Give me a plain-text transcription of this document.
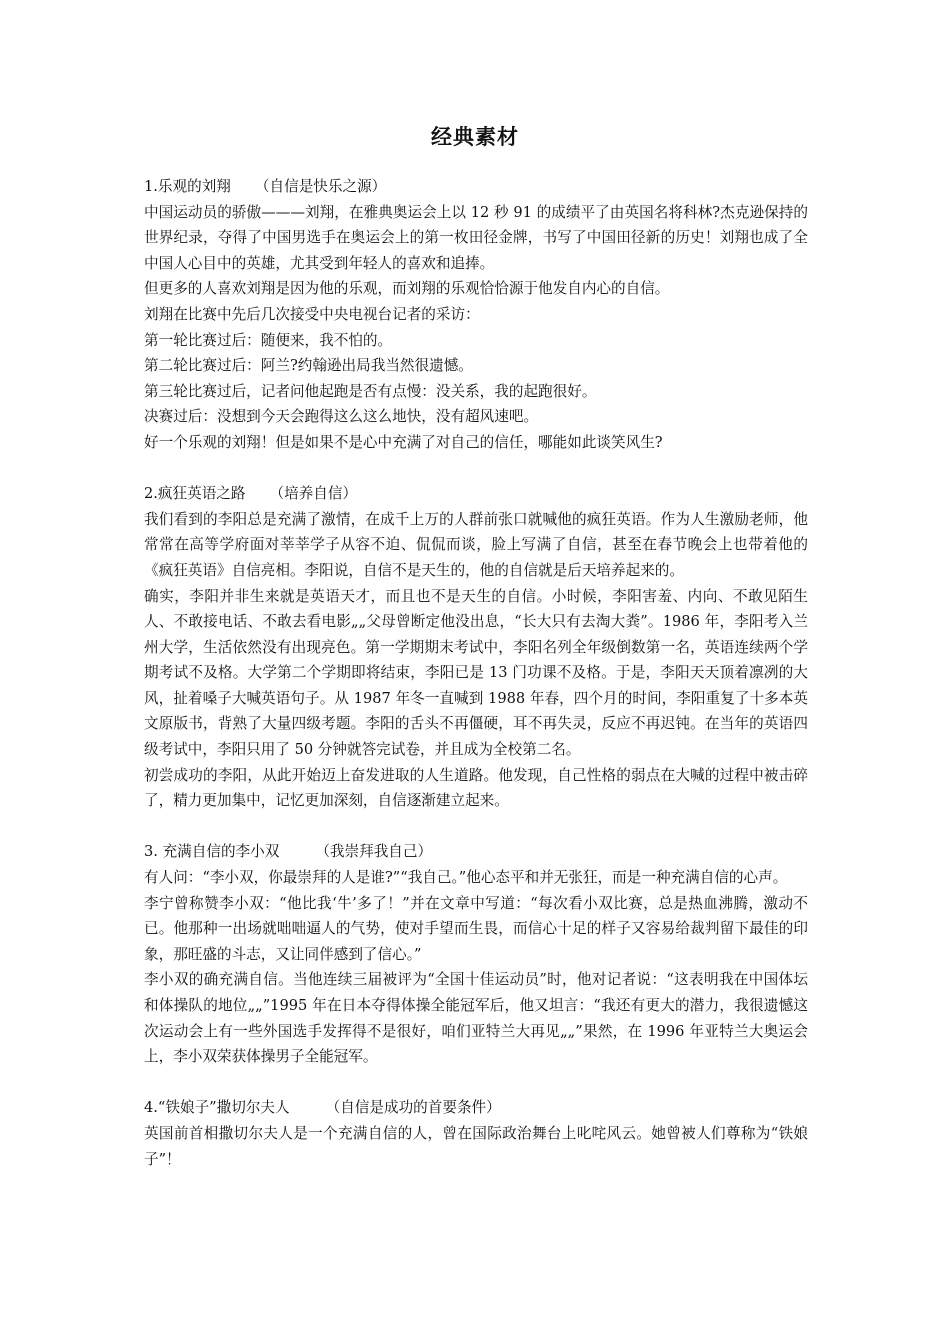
经典素材

1.乐观的刘翔 （自信是快乐之源）

中国运动员的骄傲———刘翔，在雅典奥运会上以 12 秒 91 的成绩平了由英国名将科林?杰克逊保持的世界纪录，夺得了中国男选手在奥运会上的第一枚田径金牌，书写了中国田径新的历史！刘翔也成了全中国人心目中的英雄，尤其受到年轻人的喜欢和追捧。

但更多的人喜欢刘翔是因为他的乐观，而刘翔的乐观恰恰源于他发自内心的自信。

刘翔在比赛中先后几次接受中央电视台记者的采访：

第一轮比赛过后：随便来，我不怕的。

第二轮比赛过后：阿兰?约翰逊出局我当然很遗憾。

第三轮比赛过后，记者问他起跑是否有点慢：没关系，我的起跑很好。

决赛过后：没想到今天会跑得这么这么地快，没有超风速吧。

好一个乐观的刘翔！但是如果不是心中充满了对自己的信任，哪能如此谈笑风生?

2.疯狂英语之路 （培养自信）

我们看到的李阳总是充满了激情，在成千上万的人群前张口就喊他的疯狂英语。作为人生激励老师，他常常在高等学府面对莘莘学子从容不迫、侃侃而谈，脸上写满了自信，甚至在春节晚会上也带着他的《疯狂英语》自信亮相。李阳说，自信不是天生的，他的自信就是后天培养起来的。

确实，李阳并非生来就是英语天才，而且也不是天生的自信。小时候，李阳害羞、内向、不敢见陌生人、不敢接电话、不敢去看电影„„父母曾断定他没出息，“长大只有去淘大粪”。1986 年，李阳考入兰州大学，生活依然没有出现亮色。第一学期期末考试中，李阳名列全年级倒数第一名，英语连续两个学期考试不及格。大学第二个学期即将结束，李阳已是 13 门功课不及格。于是，李阳天天顶着凛冽的大风，扯着嗓子大喊英语句子。从 1987 年冬一直喊到 1988 年春，四个月的时间，李阳重复了十多本英文原版书，背熟了大量四级考题。李阳的舌头不再僵硬，耳不再失灵，反应不再迟钝。在当年的英语四级考试中，李阳只用了 50 分钟就答完试卷，并且成为全校第二名。

初尝成功的李阳，从此开始迈上奋发进取的人生道路。他发现，自己性格的弱点在大喊的过程中被击碎了，精力更加集中，记忆更加深刻，自信逐渐建立起来。

3. 充满自信的李小双 （我崇拜我自己）

有人问：“李小双，你最崇拜的人是谁?”“我自己。”他心态平和并无张狂，而是一种充满自信的心声。

李宁曾称赞李小双：“他比我‘牛’多了！”并在文章中写道：“每次看小双比赛，总是热血沸腾，激动不已。他那种一出场就咄咄逼人的气势，使对手望而生畏，而信心十足的样子又容易给裁判留下最佳的印象，那旺盛的斗志，又让同伴感到了信心。”

李小双的确充满自信。当他连续三届被评为“全国十佳运动员”时，他对记者说：“这表明我在中国体坛和体操队的地位„„”1995 年在日本夺得体操全能冠军后，他又坦言：“我还有更大的潜力，我很遗憾这次运动会上有一些外国选手发挥得不是很好，咱们亚特兰大再见„„”果然，在 1996 年亚特兰大奥运会上，李小双荣获体操男子全能冠军。

4.“铁娘子”撒切尔夫人 （自信是成功的首要条件）

英国前首相撒切尔夫人是一个充满自信的人，曾在国际政治舞台上叱咤风云。她曾被人们尊称为“铁娘子”！
